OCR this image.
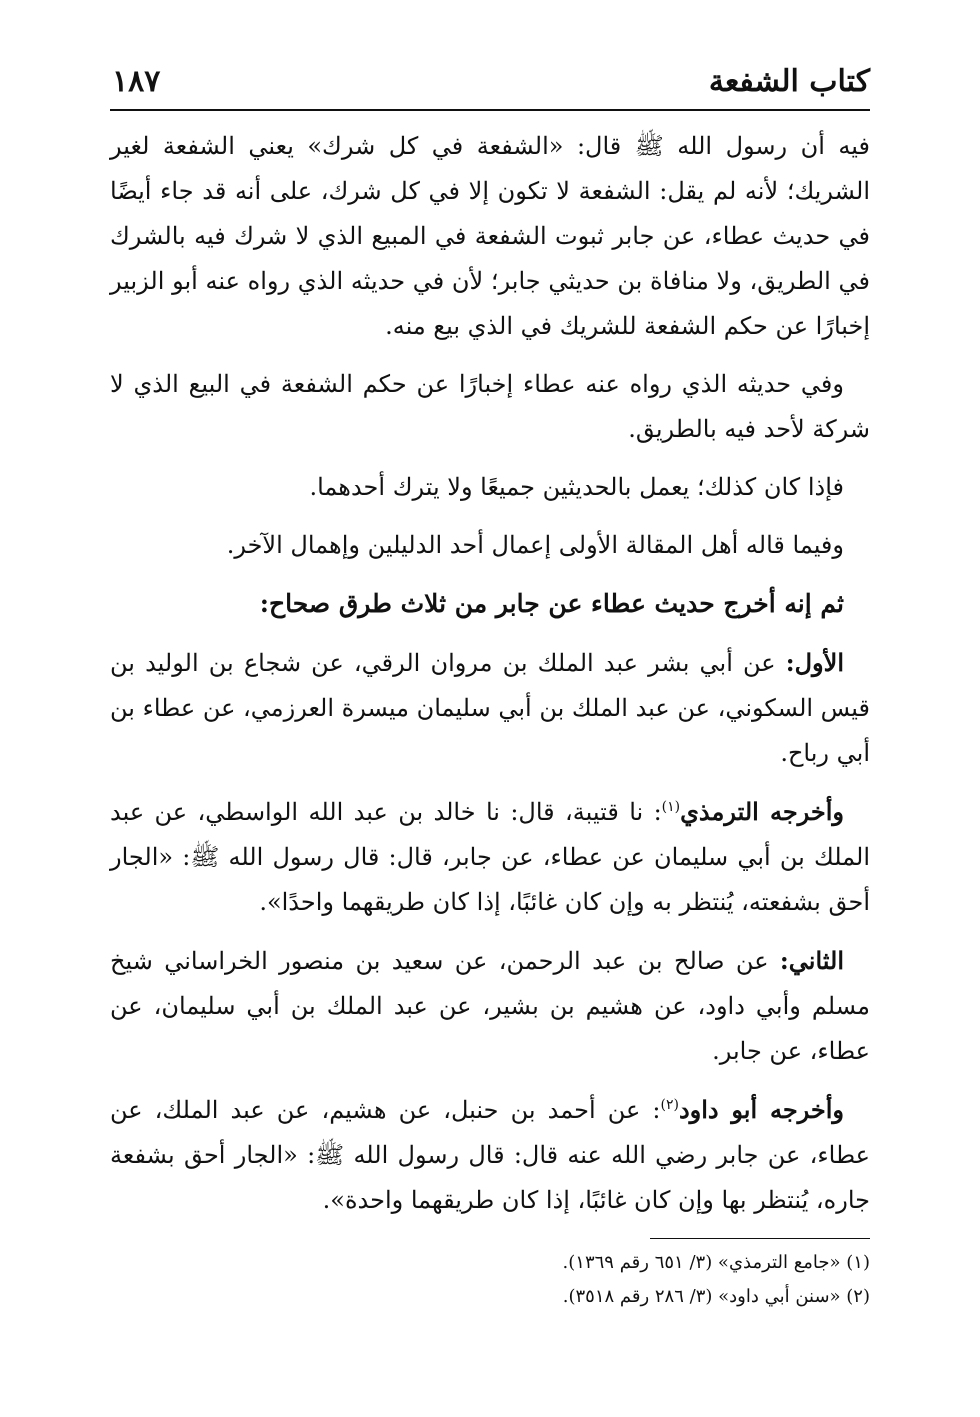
كتاب الشفعة
١٨٧

فيه أن رسول الله ﷺ قال: «الشفعة في كل شرك» يعني الشفعة لغير الشريك؛ لأنه لم يقل: الشفعة لا تكون إلا في كل شرك، على أنه قد جاء أيضًا في حديث عطاء، عن جابر ثبوت الشفعة في المبيع الذي لا شرك فيه بالشرك في الطريق، ولا منافاة بن حديثي جابر؛ لأن في حديثه الذي رواه عنه أبو الزبير إخبارًا عن حكم الشفعة للشريك في الذي بيع منه.

وفي حديثه الذي رواه عنه عطاء إخبارًا عن حكم الشفعة في البيع الذي لا شركة لأحد فيه بالطريق.

فإذا كان كذلك؛ يعمل بالحديثين جميعًا ولا يترك أحدهما.

وفيما قاله أهل المقالة الأولى إعمال أحد الدليلين وإهمال الآخر.

ثم إنه أخرج حديث عطاء عن جابر من ثلاث طرق صحاح:

الأول: عن أبي بشر عبد الملك بن مروان الرقي، عن شجاع بن الوليد بن قيس السكوني، عن عبد الملك بن أبي سليمان ميسرة العرزمي، عن عطاء بن أبي رباح.

وأخرجه الترمذي$^{(١)}$: نا قتيبة، قال: نا خالد بن عبد الله الواسطي، عن عبد الملك بن أبي سليمان عن عطاء، عن جابر، قال: قال رسول الله ﷺ: «الجار أحق بشفعته، يُنتظر به وإن كان غائبًا، إذا كان طريقهما واحدًا».

الثاني: عن صالح بن عبد الرحمن، عن سعيد بن منصور الخراساني شيخ مسلم وأبي داود، عن هشيم بن بشير، عن عبد الملك بن أبي سليمان، عن عطاء، عن جابر.

وأخرجه أبو داود$^{(٢)}$: عن أحمد بن حنبل، عن هشيم، عن عبد الملك، عن عطاء، عن جابر رضي الله عنه قال: قال رسول الله ﷺ: «الجار أحق بشفعة جاره، يُنتظر بها وإن كان غائبًا، إذا كان طريقهما واحدة».

(١) «جامع الترمذي» (٣/ ٦٥١ رقم ١٣٦٩).

(٢) «سنن أبي داود» (٣/ ٢٨٦ رقم ٣٥١٨).
